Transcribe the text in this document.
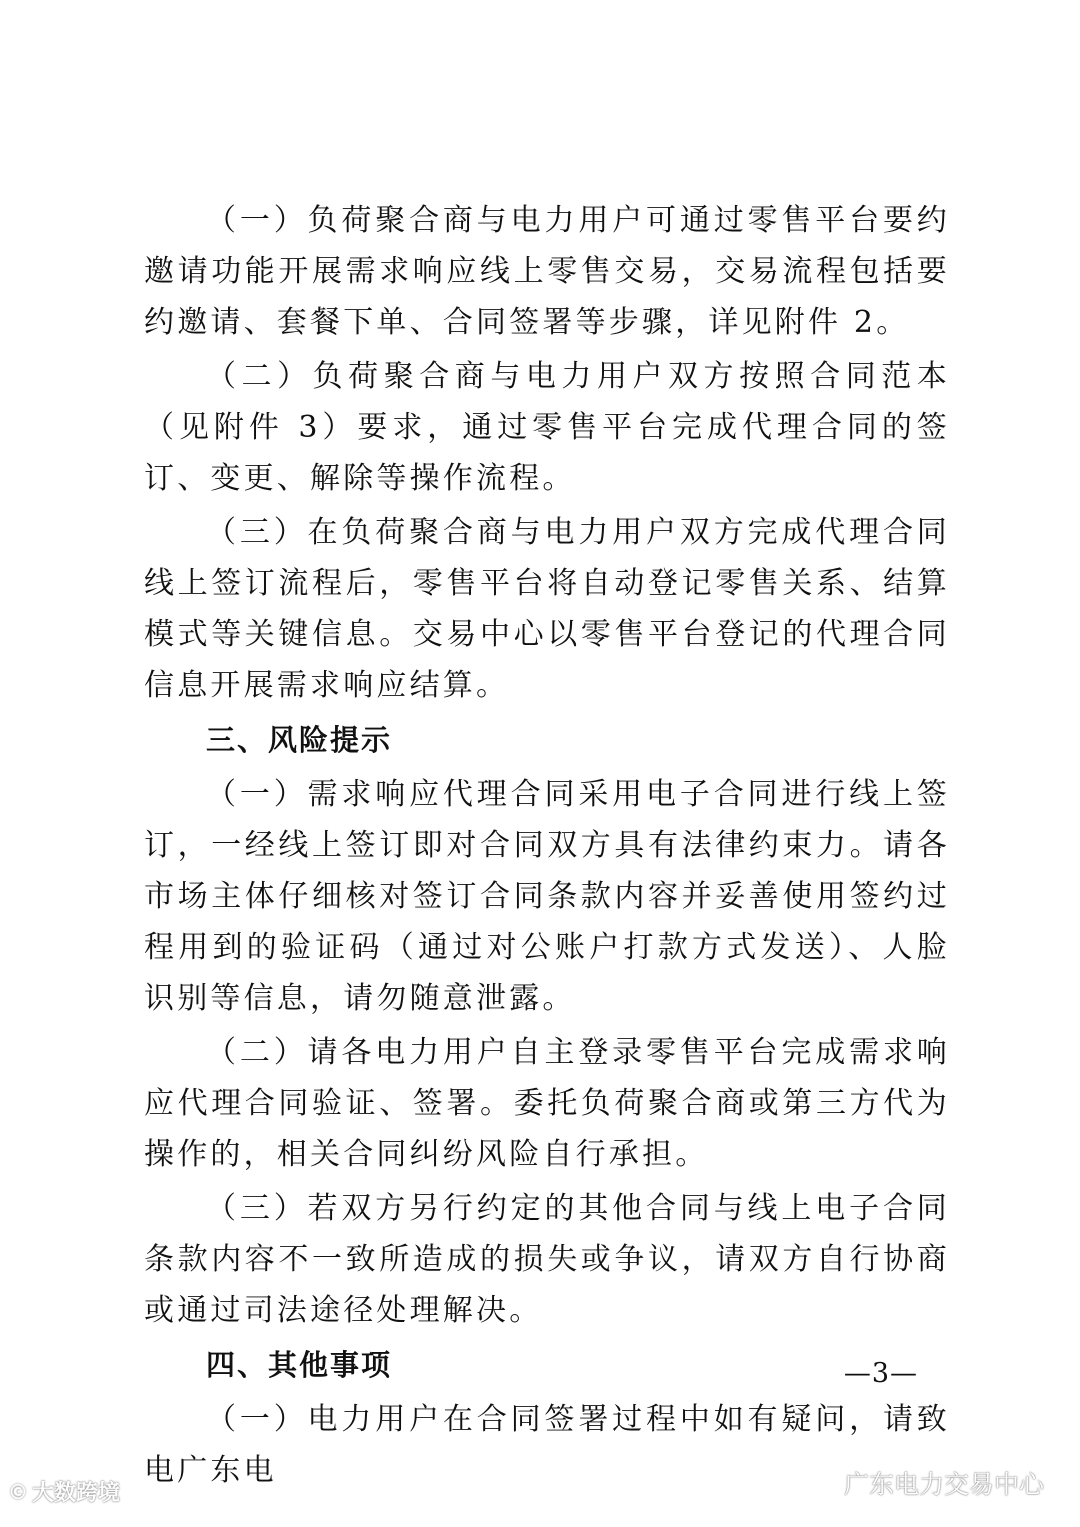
（一）负荷聚合商与电力用户可通过零售平台要约邀请功能开展需求响应线上零售交易，交易流程包括要约邀请、套餐下单、合同签署等步骤，详见附件 2。

（二）负荷聚合商与电力用户双方按照合同范本（见附件 3）要求，通过零售平台完成代理合同的签订、变更、解除等操作流程。

（三）在负荷聚合商与电力用户双方完成代理合同线上签订流程后，零售平台将自动登记零售关系、结算模式等关键信息。交易中心以零售平台登记的代理合同信息开展需求响应结算。

三、风险提示

（一）需求响应代理合同采用电子合同进行线上签订，一经线上签订即对合同双方具有法律约束力。请各市场主体仔细核对签订合同条款内容并妥善使用签约过程用到的验证码（通过对公账户打款方式发送）、人脸识别等信息，请勿随意泄露。

（二）请各电力用户自主登录零售平台完成需求响应代理合同验证、签署。委托负荷聚合商或第三方代为操作的，相关合同纠纷风险自行承担。

（三）若双方另行约定的其他合同与线上电子合同条款内容不一致所造成的损失或争议，请双方自行协商或通过司法途径处理解决。

四、其他事项

（一）电力用户在合同签署过程中如有疑问，请致电广东电

—3—
© 大数跨境	广东电力交易中心
